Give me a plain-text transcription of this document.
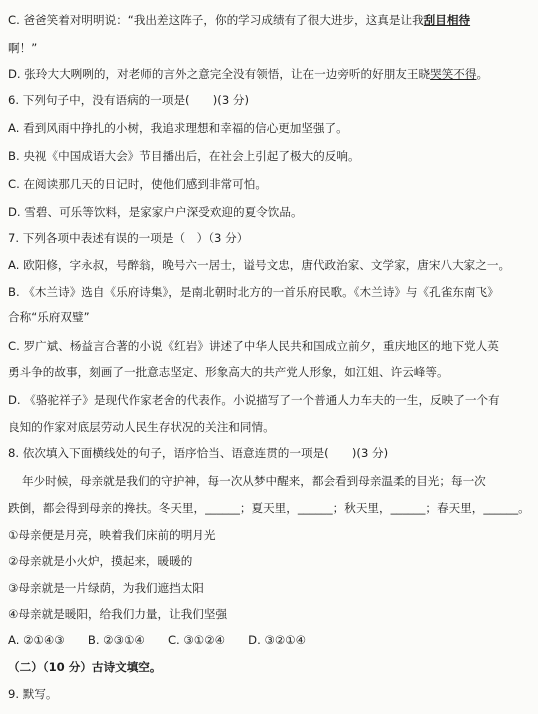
C. 爸爸笑着对明明说：“我出差这阵子，你的学习成绩有了很大进步，这真是让我刮目相待
啊！”
D. 张玲大大咧咧的，对老师的言外之意完全没有领悟，让在一边旁听的好朋友王晓哭笑不得。
6. 下列句子中，没有语病的一项是(　　)(3 分)
A. 看到风雨中挣扎的小树，我追求理想和幸福的信心更加坚强了。
B. 央视《中国成语大会》节目播出后，在社会上引起了极大的反响。
C. 在阅读那几天的日记时，使他们感到非常可怕。
D. 雪碧、可乐等饮料，是家家户户深受欢迎的夏令饮品。
7. 下列各项中表述有误的一项是（　）（3 分）
A. 欧阳修，字永叔，号醉翁，晚号六一居士，谥号文忠，唐代政治家、文学家，唐宋八大家之一。
B. 《木兰诗》选自《乐府诗集》，是南北朝时北方的一首乐府民歌。《木兰诗》与《孔雀东南飞》
合称“乐府双璧”
C. 罗广斌、杨益言合著的小说《红岩》讲述了中华人民共和国成立前夕，重庆地区的地下党人英
勇斗争的故事，刻画了一批意志坚定、形象高大的共产党人形象，如江姐、许云峰等。
D. 《骆驼祥子》是现代作家老舍的代表作。小说描写了一个普通人力车夫的一生，反映了一个有
良知的作家对底层劳动人民生存状况的关注和同情。
8. 依次填入下面横线处的句子，语序恰当、语意连贯的一项是(　　)(3 分)
年少时候，母亲就是我们的守护神，每一次从梦中醒来，都会看到母亲温柔的目光；每一次
跌倒，都会得到母亲的搀扶。冬天里，______；夏天里，______；秋天里，______；春天里，______。
①母亲便是月亮，映着我们床前的明月光
②母亲就是小火炉，摸起来，暖暖的
③母亲就是一片绿荫，为我们遮挡太阳
④母亲就是暖阳，给我们力量，让我们坚强
A. ②①④③　　B. ②③①④　　C. ③①②④　　D. ③②①④
（二）（10 分）古诗文填空。
9. 默写。
